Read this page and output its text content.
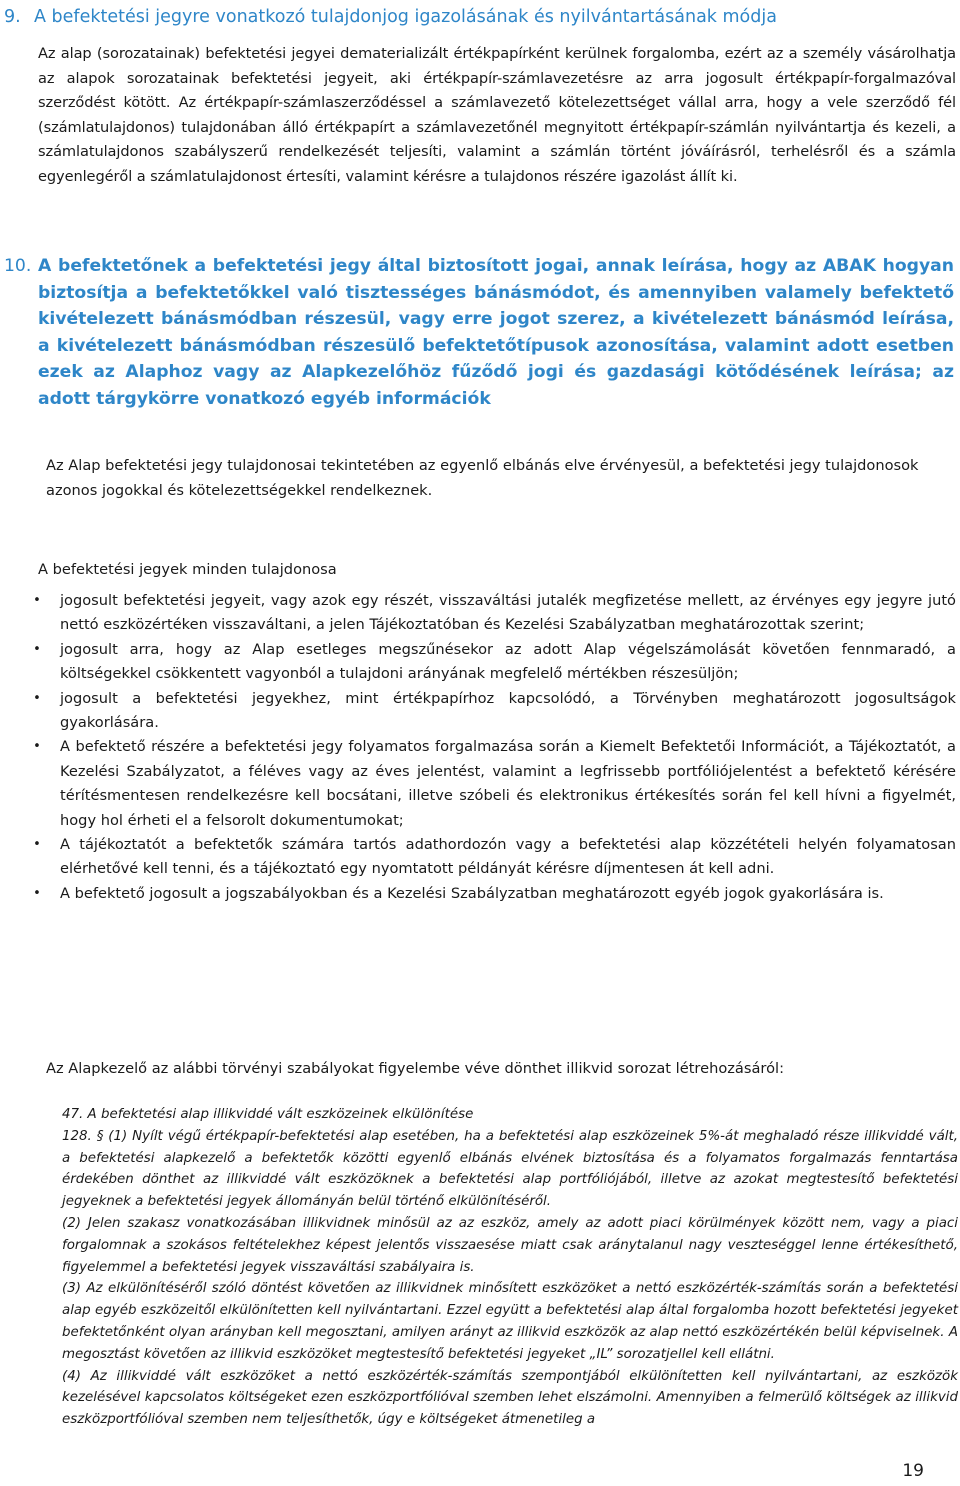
9. A befektetési jegyre vonatkozó tulajdonjog igazolásának és nyilvántartásának módja
Az alap (sorozatainak) befektetési jegyei dematerializált értékpapírként kerülnek forgalomba, ezért az a személy vásárolhatja az alapok sorozatainak befektetési jegyeit, aki értékpapír-számlavezetésre az arra jogosult értékpapír-forgalmazóval szerződést kötött. Az értékpapír-számlaszerződéssel a számlavezető kötelezettséget vállal arra, hogy a vele szerződő fél (számlatulajdonos) tulajdonában álló értékpapírt a számlavezetőnél megnyitott értékpapír-számlán nyilvántartja és kezeli, a számlatulajdonos szabályszerű rendelkezését teljesíti, valamint a számlán történt jóváírásról, terhelésről és a számla egyenlegéről a számlatulajdonost értesíti, valamint kérésre a tulajdonos részére igazolást állít ki.
10. A befektetőnek a befektetési jegy által biztosított jogai, annak leírása, hogy az ABAK hogyan biztosítja a befektetőkkel való tisztességes bánásmódot, és amennyiben valamely befektető kivételezett bánásmódban részesül, vagy erre jogot szerez, a kivételezett bánásmód leírása, a kivételezett bánásmódban részesülő befektetőtípusok azonosítása, valamint adott esetben ezek az Alaphoz vagy az Alapkezelőhöz fűződő jogi és gazdasági kötődésének leírása; az adott tárgykörre vonatkozó egyéb információk
Az Alap befektetési jegy tulajdonosai tekintetében az egyenlő elbánás elve érvényesül, a befektetési jegy tulajdonosok azonos jogokkal és kötelezettségekkel rendelkeznek.
A befektetési jegyek minden tulajdonosa
•	jogosult befektetési jegyeit, vagy azok egy részét, visszaváltási jutalék megfizetése mellett, az érvényes egy jegyre jutó nettó eszközértéken visszaváltani, a jelen Tájékoztatóban és Kezelési Szabályzatban meghatározottak szerint;
•	jogosult arra, hogy az Alap esetleges megszűnésekor az adott Alap végelszámolását követően fennmaradó, a költségekkel csökkentett vagyonból a tulajdoni arányának megfelelő mértékben részesüljön;
•	jogosult a befektetési jegyekhez, mint értékpapírhoz kapcsolódó, a Törvényben meghatározott jogosultságok gyakorlására.
•	A befektető részére a befektetési jegy folyamatos forgalmazása során a Kiemelt Befektetői Információt, a Tájékoztatót, a Kezelési Szabályzatot, a féléves vagy az éves jelentést, valamint a legfrissebb portfóliójelentést a befektető kérésére térítésmentesen rendelkezésre kell bocsátani, illetve szóbeli és elektronikus értékesítés során fel kell hívni a figyelmét, hogy hol érheti el a felsorolt dokumentumokat;
•	A tájékoztatót a befektetők számára tartós adathordozón vagy a befektetési alap közzétételi helyén folyamatosan elérhetővé kell tenni, és a tájékoztató egy nyomtatott példányát kérésre díjmentesen át kell adni.
•	A befektető jogosult a jogszabályokban és a Kezelési Szabályzatban meghatározott egyéb jogok gyakorlására is.
Az Alapkezelő az alábbi törvényi szabályokat figyelembe véve dönthet illikvid sorozat létrehozásáról:

47. A befektetési alap illikviddé vált eszközeinek elkülönítése

128. § (1) Nyílt végű értékpapír-befektetési alap esetében, ha a befektetési alap eszközeinek 5%-át meghaladó része illikviddé vált, a befektetési alapkezelő a befektetők közötti egyenlő elbánás elvének biztosítása és a folyamatos forgalmazás fenntartása érdekében dönthet az illikviddé vált eszközöknek a befektetési alap portfóliójából, illetve az azokat megtestesítő befektetési jegyeknek a befektetési jegyek állományán belül történő elkülönítéséről.

(2) Jelen szakasz vonatkozásában illikvidnek minősül az az eszköz, amely az adott piaci körülmények között nem, vagy a piaci forgalomnak a szokásos feltételekhez képest jelentős visszaesése miatt csak aránytalanul nagy veszteséggel lenne értékesíthető, figyelemmel a befektetési jegyek visszaváltási szabályaira is.

(3) Az elkülönítéséről szóló döntést követően az illikvidnek minősített eszközöket a nettó eszközérték-számítás során a befektetési alap egyéb eszközeitől elkülönítetten kell nyilvántartani. Ezzel együtt a befektetési alap által forgalomba hozott befektetési jegyeket befektetőnként olyan arányban kell megosztani, amilyen arányt az illikvid eszközök az alap nettó eszközértékén belül képviselnek. A megosztást követően az illikvid eszközöket megtestesítő befektetési jegyeket „IL” sorozatjellel kell ellátni.

(4) Az illikviddé vált eszközöket a nettó eszközérték-számítás szempontjából elkülönítetten kell nyilvántartani, az eszközök kezelésével kapcsolatos költségeket ezen eszközportfólióval szemben lehet elszámolni. Amennyiben a felmerülő költségek az illikvid eszközportfólióval szemben nem teljesíthetők, úgy e költségeket átmenetileg a

19
